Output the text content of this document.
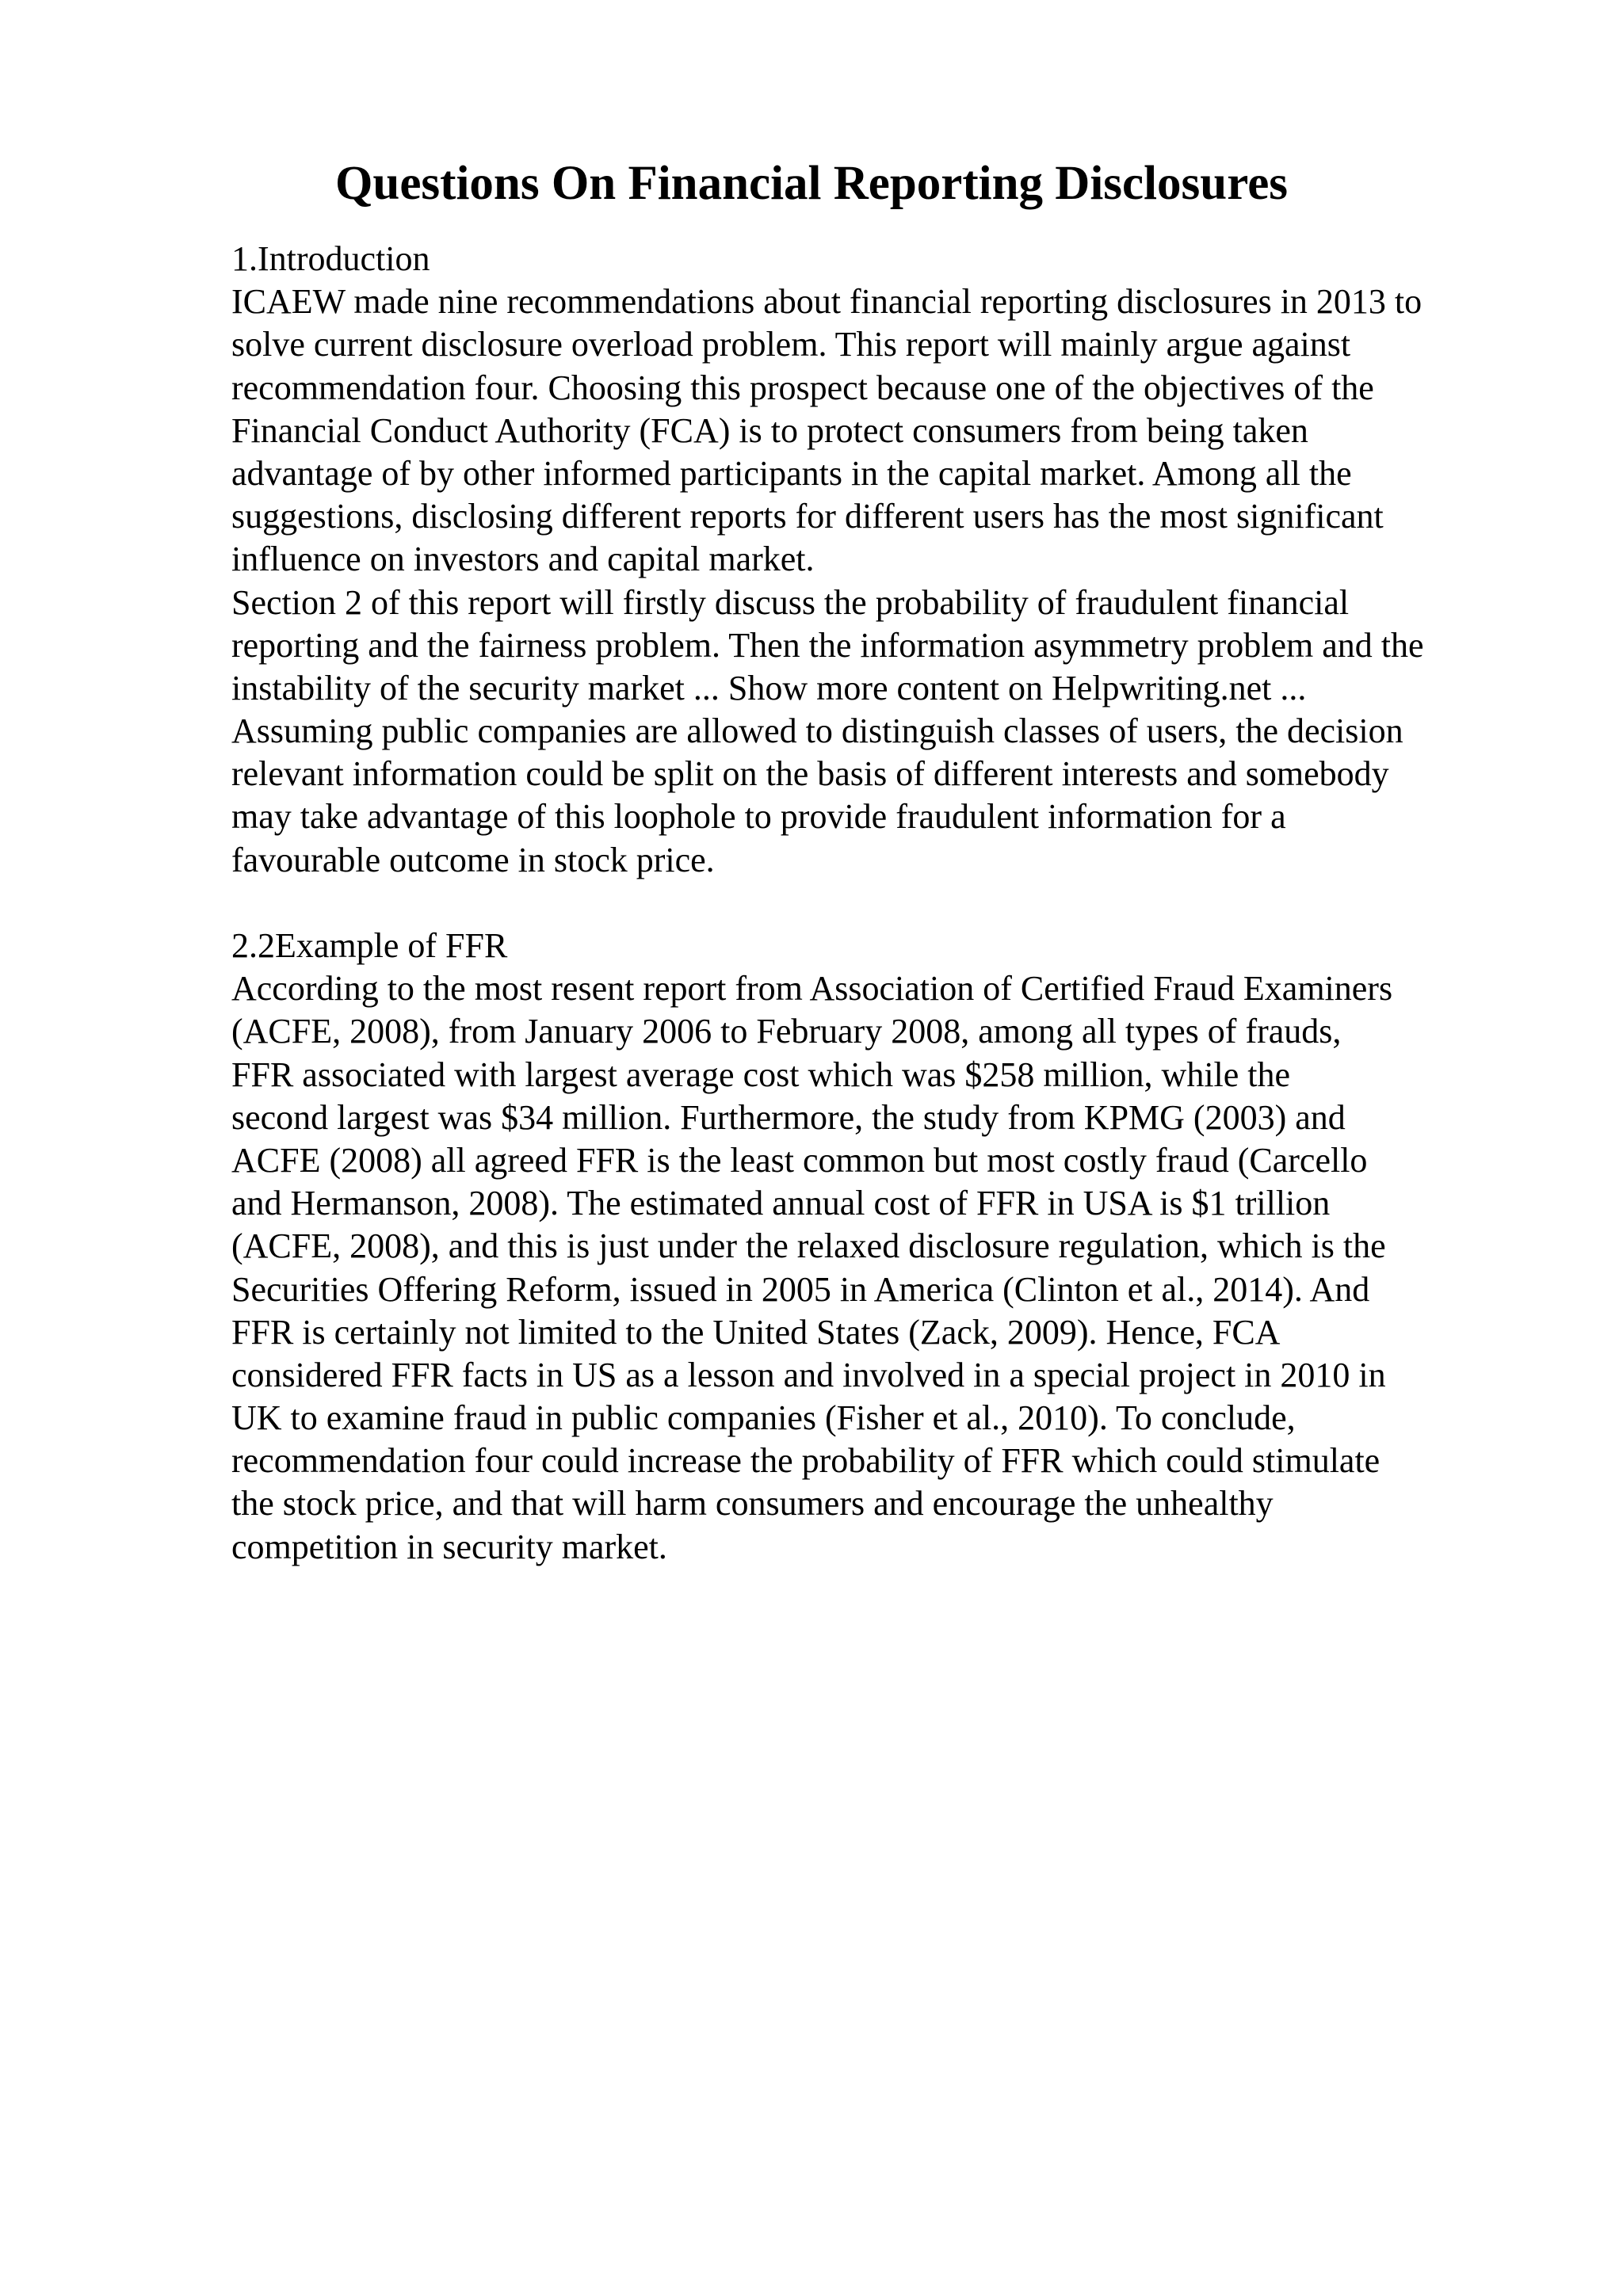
Questions On Financial Reporting Disclosures
1.Introduction
ICAEW made nine recommendations about financial reporting disclosures in 2013 to
solve current disclosure overload problem. This report will mainly argue against
recommendation four. Choosing this prospect because one of the objectives of the
Financial Conduct Authority (FCA) is to protect consumers from being taken
advantage of by other informed participants in the capital market. Among all the
suggestions, disclosing different reports for different users has the most significant
influence on investors and capital market.
Section 2 of this report will firstly discuss the probability of fraudulent financial
reporting and the fairness problem. Then the information asymmetry problem and the
instability of the security market ... Show more content on Helpwriting.net ...
Assuming public companies are allowed to distinguish classes of users, the decision
relevant information could be split on the basis of different interests and somebody
may take advantage of this loophole to provide fraudulent information for a
favourable outcome in stock price.
2.2Example of FFR
According to the most resent report from Association of Certified Fraud Examiners
(ACFE, 2008), from January 2006 to February 2008, among all types of frauds,
FFR associated with largest average cost which was $258 million, while the
second largest was $34 million. Furthermore, the study from KPMG (2003) and
ACFE (2008) all agreed FFR is the least common but most costly fraud (Carcello
and Hermanson, 2008). The estimated annual cost of FFR in USA is $1 trillion
(ACFE, 2008), and this is just under the relaxed disclosure regulation, which is the
Securities Offering Reform, issued in 2005 in America (Clinton et al., 2014). And
FFR is certainly not limited to the United States (Zack, 2009). Hence, FCA
considered FFR facts in US as a lesson and involved in a special project in 2010 in
UK to examine fraud in public companies (Fisher et al., 2010). To conclude,
recommendation four could increase the probability of FFR which could stimulate
the stock price, and that will harm consumers and encourage the unhealthy
competition in security market.
